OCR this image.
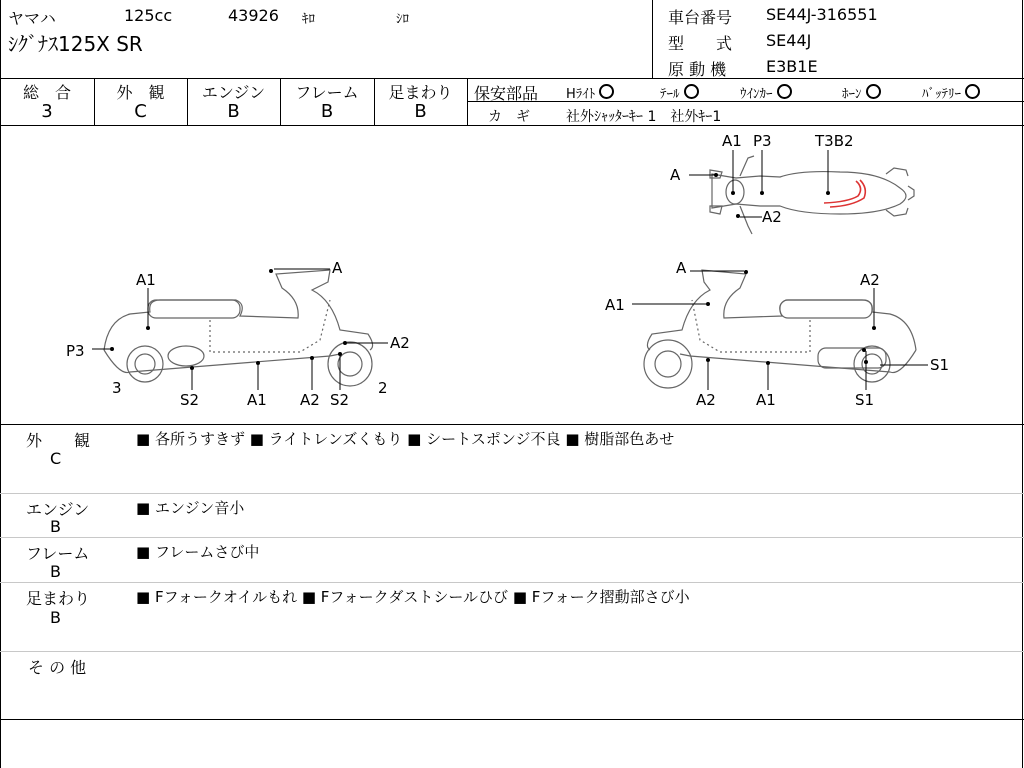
ヤマハ	125cc	43926 ｷﾛ	ｼﾛ
ｼｸﾞﾅｽ125X SR
車台番号 SE44J-316551
型　　式 SE44J
原 動 機 E3B1E
総　合	外　観	エンジン	フレーム	足まわり
3	C	B	B	B
保安部品 Hﾗｲﾄ	ﾃｰﾙ	ｳｲﾝｶｰ	ﾎｰﾝ	ﾊﾞｯﾃﾘｰ
カ　ギ	社外ｼｬｯﾀｰｷｰ 1　社外ｷｰ1
A1 P3	T3B2
A
A2
A
A1
P3
3
A2
S2	A1 A2 S2
2
A
A1
A2
S1
A2	A1	S1
外　　観
C
■ 各所うすきず ■ ライトレンズくもり ■ シートスポンジ不良 ■ 樹脂部色あせ
エンジン
B
■ エンジン音小
フレーム
B
■ フレームさび中
足まわり
B
■ Fフォークオイルもれ ■ Fフォークダストシールひび ■ Fフォーク摺動部さび小
そ の 他
